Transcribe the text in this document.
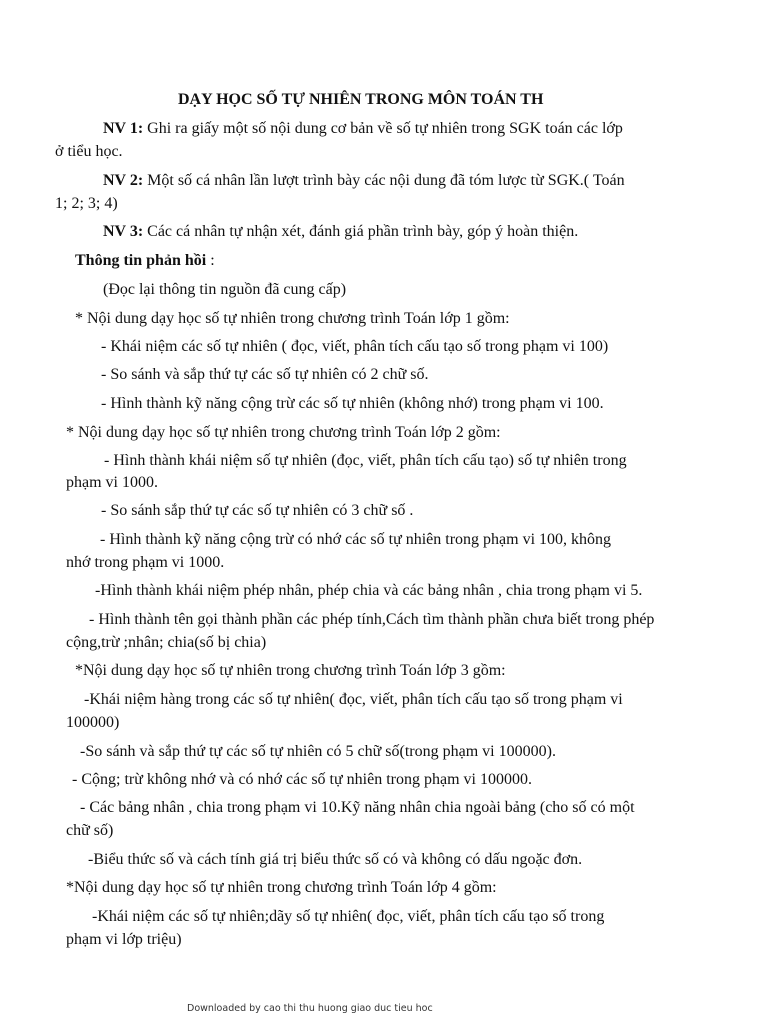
DẠY HỌC SỐ TỰ NHIÊN TRONG MÔN TOÁN TH
NV 1: Ghi ra giấy một số nội dung cơ bản về số tự nhiên trong SGK toán các lớp
ở tiểu học.
NV 2: Một số cá nhân lần lượt trình bày các nội dung đã tóm lược từ SGK.( Toán
1; 2; 3; 4)
NV 3: Các cá nhân tự nhận xét, đánh giá phần trình bày, góp ý hoàn thiện.
Thông tin phản hồi :
(Đọc lại thông tin nguồn đã cung cấp)
* Nội dung dạy học số tự nhiên trong chương trình Toán lớp 1 gồm:
- Khái niệm các số tự nhiên ( đọc, viết, phân tích cấu tạo số trong phạm vi 100)
- So sánh và sắp thứ tự các số tự nhiên có 2 chữ số.
- Hình thành kỹ năng cộng trừ các số tự nhiên (không nhớ) trong phạm vi 100.
* Nội dung dạy học số tự nhiên trong chương trình Toán lớp 2 gồm:
- Hình thành khái niệm số tự nhiên (đọc, viết, phân tích cấu tạo) số tự nhiên trong
phạm vi 1000.
- So sánh sắp thứ tự các số tự nhiên có 3 chữ số .
- Hình thành kỹ năng cộng trừ có nhớ các số tự nhiên trong phạm vi 100, không
nhớ trong phạm vi 1000.
-Hình thành khái niệm phép nhân, phép chia và các bảng nhân , chia trong phạm vi 5.
- Hình thành tên gọi thành phần các phép tính,Cách tìm thành phần chưa biết trong phép
cộng,trừ ;nhân; chia(số bị chia)
*Nội dung dạy học số tự nhiên trong chương trình Toán lớp 3 gồm:
-Khái niệm hàng trong các số tự nhiên( đọc, viết, phân tích cấu tạo số trong phạm vi
100000)
-So sánh và sắp thứ tự các số tự nhiên có 5 chữ số(trong phạm vi 100000).
- Cộng; trừ không nhớ và có nhớ các số tự nhiên trong phạm vi 100000.
- Các bảng nhân , chia trong phạm vi 10.Kỹ năng nhân chia ngoài bảng (cho số có một
chữ số)
-Biểu thức số và cách tính giá trị biểu thức số có và không có dấu ngoặc đơn.
*Nội dung dạy học số tự nhiên trong chương trình Toán lớp 4 gồm:
-Khái niệm các số tự nhiên;dãy số tự nhiên( đọc, viết, phân tích cấu tạo số trong
phạm vi lớp triệu)
Downloaded by cao thi thu huong giao duc tieu hoc
